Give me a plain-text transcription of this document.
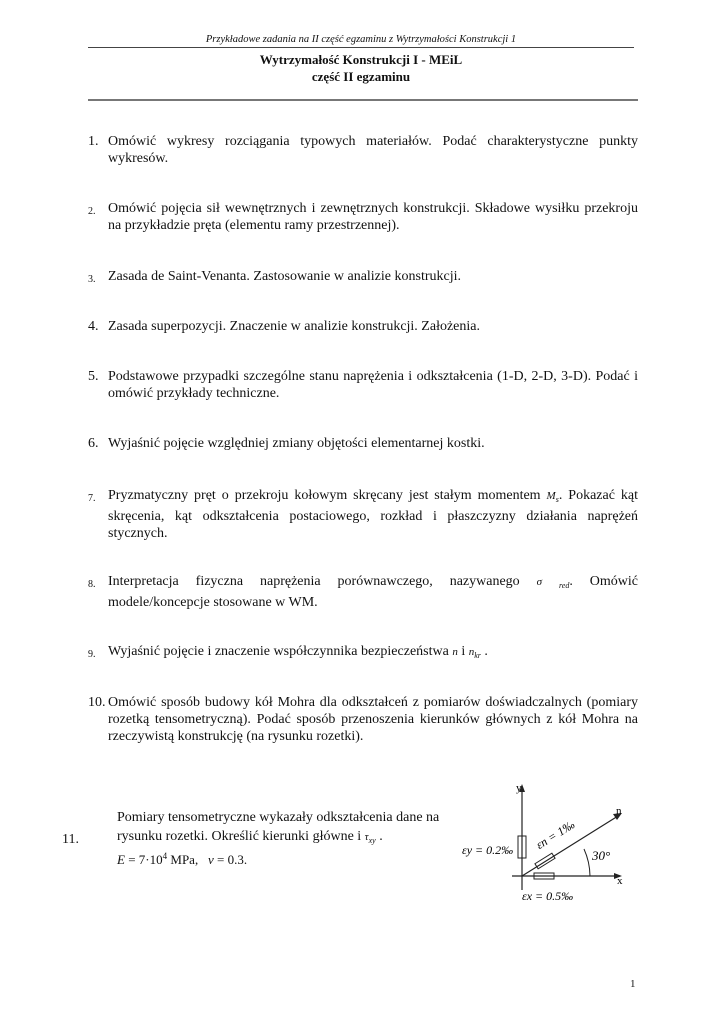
Przykładowe zadania na II część egzaminu z Wytrzymałości Konstrukcji 1
Wytrzymałość Konstrukcji I - MEiL
część II egzaminu
1. Omówić wykresy rozciągania typowych materiałów. Podać charakterystyczne punkty wykresów.
2. Omówić pojęcia sił wewnętrznych i zewnętrznych konstrukcji. Składowe wysiłku przekroju na przykładzie pręta (elementu ramy przestrzennej).
3. Zasada de Saint-Venanta. Zastosowanie w analizie konstrukcji.
4. Zasada superpozycji. Znaczenie w analizie konstrukcji. Założenia.
5. Podstawowe przypadki szczególne stanu naprężenia i odkształcenia (1-D, 2-D, 3-D). Podać i omówić przykłady techniczne.
6. Wyjaśnić pojęcie względniej zmiany objętości elementarnej kostki.
7. Pryzmatyczny pręt o przekroju kołowym skręcany jest stałym momentem $M_s$. Pokazać kąt skręcenia, kąt odkształcenia postaciowego, rozkład i płaszczyzny działania naprężeń stycznych.
8. Interpretacja fizyczna naprężenia porównawczego, nazywanego σ $_{red}$. Omówić modele/koncepcje stosowane w WM.
9. Wyjaśnić pojęcie i znaczenie współczynnika bezpieczeństwa n i $n_{kr}$ .
10. Omówić sposób budowy kół Mohra dla odkształceń z pomiarów doświadczalnych (pomiary rozetką tensometryczną). Podać sposób przenoszenia kierunków głównych z kół Mohra na rzeczywistą konstrukcję (na rysunku rozetki).
11.
Pomiary tensometryczne wykazały odkształcenia dane na rysunku rozetki. Określić kierunki główne i $\tau_{xy}$ .
$E = 7\cdot 10^4$ MPa, ν = 0.3.
y
x
n
30°
εy = 0.2‰ εn = 1‰
εx = 0.5‰
1
